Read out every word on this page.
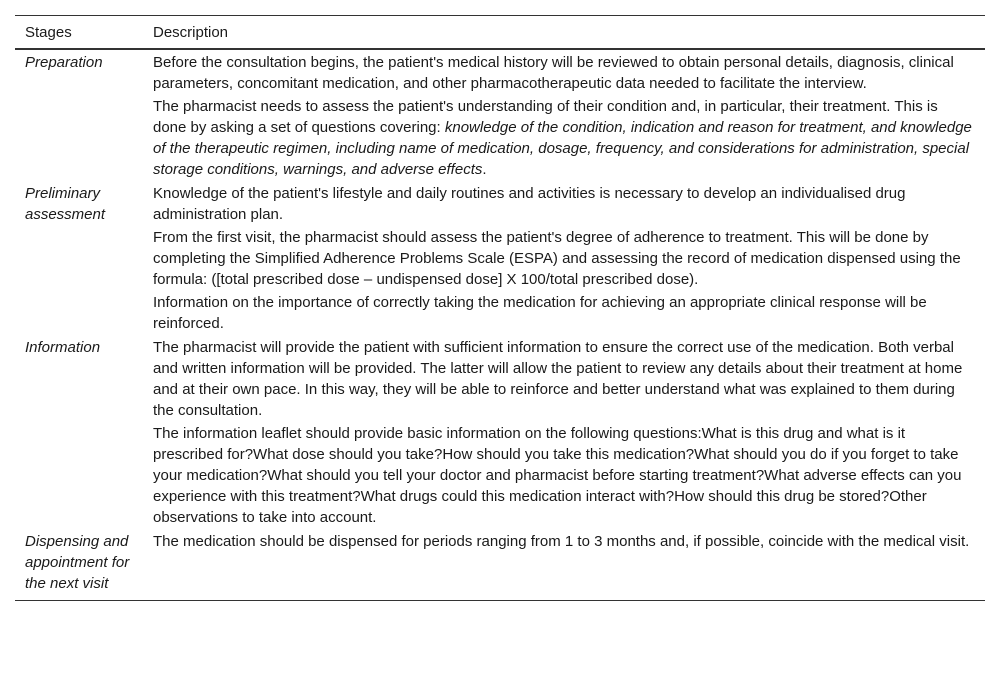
Stages	Description
Preparation	Before the consultation begins, the patient's medical history will be reviewed to obtain personal details, diagnosis, clinical parameters, concomitant medication, and other pharmacotherapeutic data needed to facilitate the interview.

The pharmacist needs to assess the patient's understanding of their condition and, in particular, their treatment. This is done by asking a set of questions covering: knowledge of the condition, indication and reason for treatment, and knowledge of the therapeutic regimen, including name of medication, dosage, frequency, and considerations for administration, special storage conditions, warnings, and adverse effects.

Preliminary assessment	Knowledge of the patient's lifestyle and daily routines and activities is necessary to develop an individualised drug administration plan.

From the first visit, the pharmacist should assess the patient's degree of adherence to treatment. This will be done by completing the Simplified Adherence Problems Scale (ESPA) and assessing the record of medication dispensed using the formula: ([total prescribed dose – undispensed dose] X 100/total prescribed dose).

Information on the importance of correctly taking the medication for achieving an appropriate clinical response will be reinforced.

Information	The pharmacist will provide the patient with sufficient information to ensure the correct use of the medication. Both verbal and written information will be provided. The latter will allow the patient to review any details about their treatment at home and at their own pace. In this way, they will be able to reinforce and better understand what was explained to them during the consultation.

The information leaflet should provide basic information on the following questions:What is this drug and what is it prescribed for?What dose should you take?How should you take this medication?What should you do if you forget to take your medication?What should you tell your doctor and pharmacist before starting treatment?What adverse effects can you experience with this treatment?What drugs could this medication interact with?How should this drug be stored?Other observations to take into account.

Dispensing and appointment for the next visit	The medication should be dispensed for periods ranging from 1 to 3 months and, if possible, coincide with the medical visit.
